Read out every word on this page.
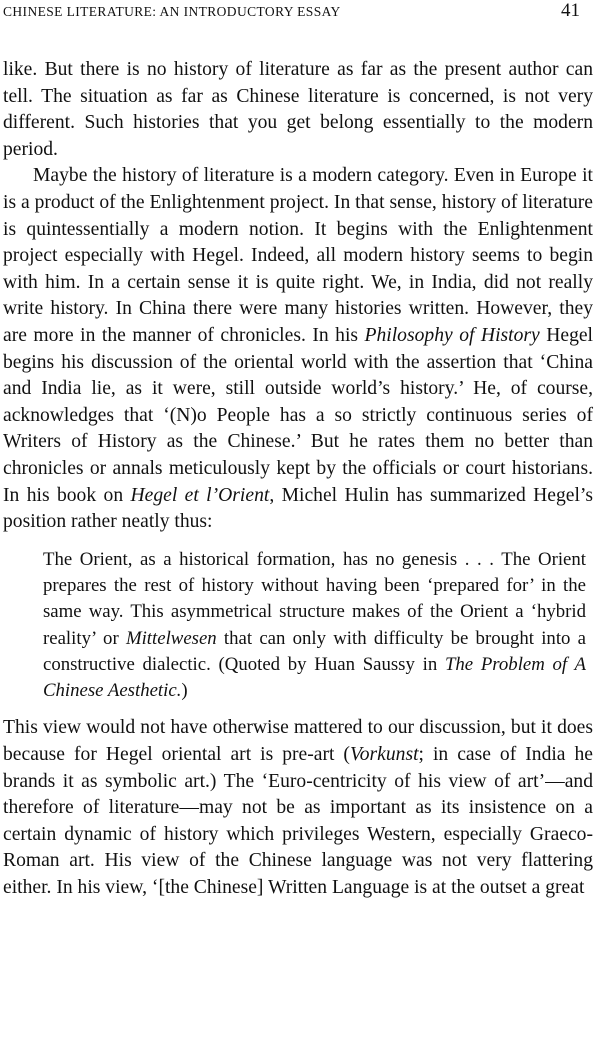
CHINESE LITERATURE: AN INTRODUCTORY ESSAY	41

like. But there is no history of literature as far as the present author can tell. The situation as far as Chinese literature is concerned, is not very different. Such histories that you get belong essentially to the modern period.

Maybe the history of literature is a modern category. Even in Europe it is a product of the Enlightenment project. In that sense, history of literature is quintessentially a modern notion. It begins with the Enlightenment project especially with Hegel. Indeed, all modern history seems to begin with him. In a certain sense it is quite right. We, in India, did not really write history. In China there were many histories written. However, they are more in the manner of chronicles. In his Philosophy of History Hegel begins his discussion of the oriental world with the assertion that ‘China and India lie, as it were, still outside world’s history.’ He, of course, acknowledges that ‘(N)o People has a so strictly continuous series of Writers of History as the Chinese.’ But he rates them no better than chronicles or annals meticulously kept by the officials or court historians. In his book on Hegel et l’Orient, Michel Hulin has summarized Hegel’s position rather neatly thus:

The Orient, as a historical formation, has no genesis . . . The Orient prepares the rest of history without having been ‘prepared for’ in the same way. This asymmetrical structure makes of the Orient a ‘hybrid reality’ or Mittelwesen that can only with difficulty be brought into a constructive dialectic. (Quoted by Huan Saussy in The Problem of A Chinese Aesthetic.)

This view would not have otherwise mattered to our discussion, but it does because for Hegel oriental art is pre-art (Vorkunst; in case of India he brands it as symbolic art.) The ‘Euro-centricity of his view of art’—and therefore of literature—may not be as important as its insistence on a certain dynamic of history which privileges Western, especially Graeco-Roman art. His view of the Chinese language was not very flattering either. In his view, ‘[the Chinese] Written Language is at the outset a great
